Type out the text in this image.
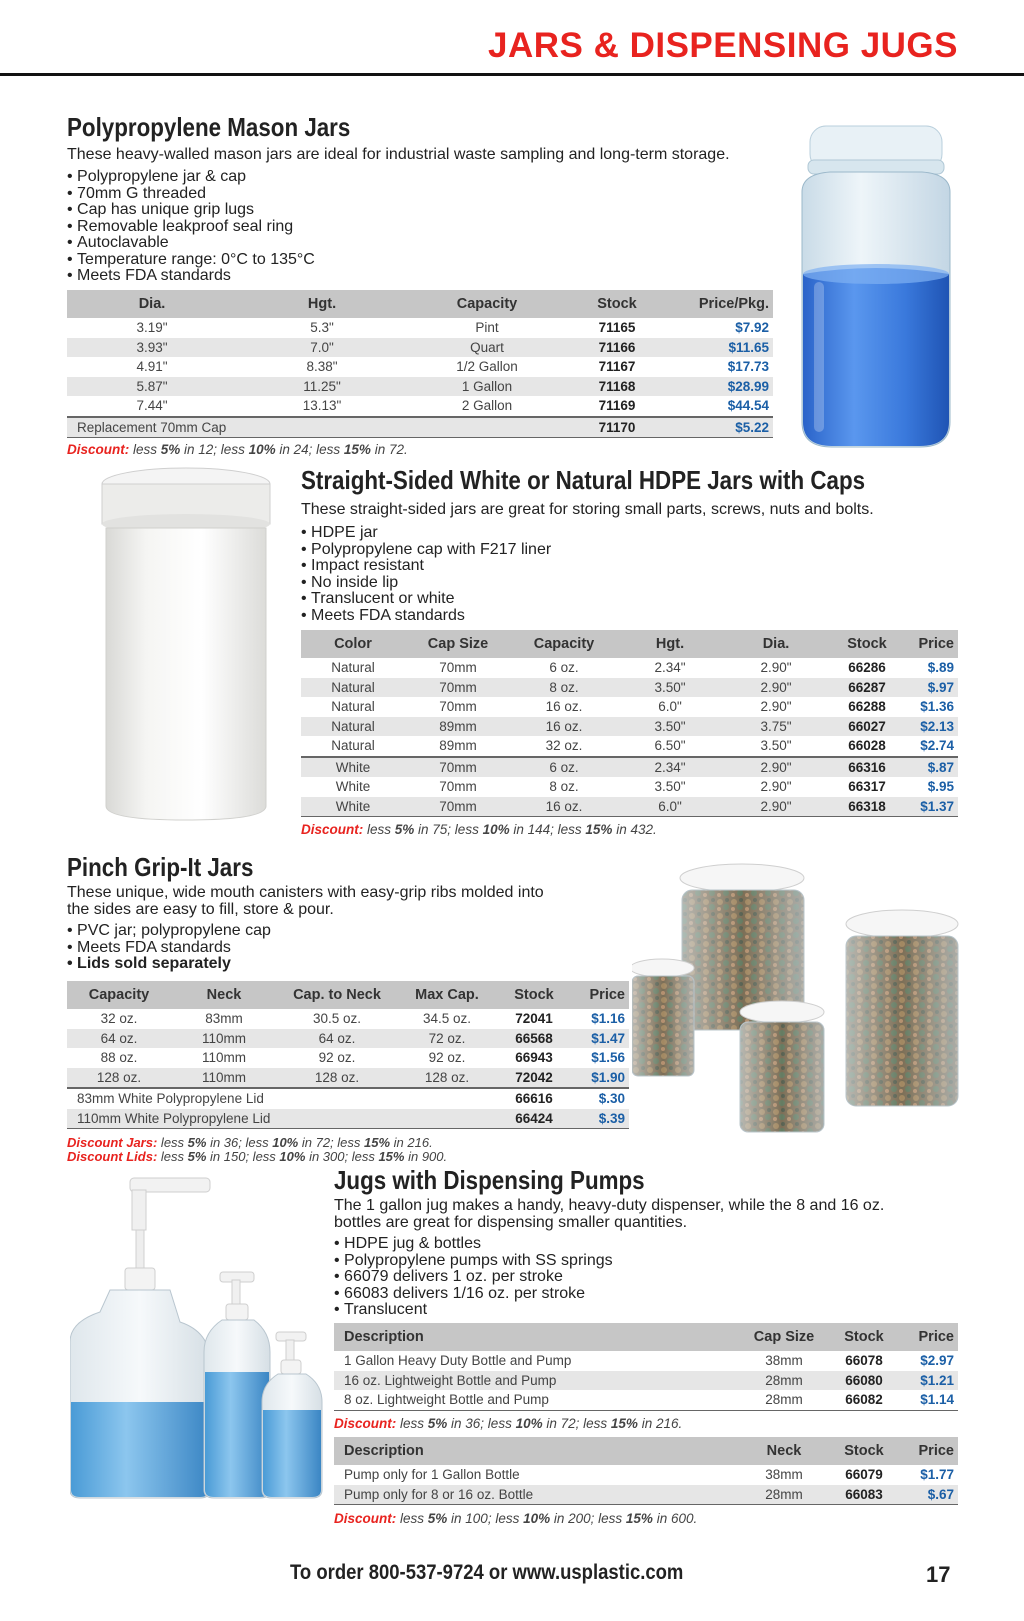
JARS & DISPENSING JUGS
Polypropylene Mason Jars
These heavy-walled mason jars are ideal for industrial waste sampling and long-term storage.
• Polypropylene jar & cap
• 70mm G threaded
• Cap has unique grip lugs
• Removable leakproof seal ring
• Autoclavable
• Temperature range: 0°C to 135°C
• Meets FDA standards
Dia.	Hgt.	Capacity	Stock	Price/Pkg.
3.19"	5.3"	Pint	71165	$7.92
3.93"	7.0"	Quart	71166	$11.65
4.91"	8.38"	1/2 Gallon	71167	$17.73
5.87"	11.25"	1 Gallon	71168	$28.99
7.44"	13.13"	2 Gallon	71169	$44.54
Replacement 70mm Cap			71170	$5.22
Discount: less 5% in 12; less 10% in 24; less 15% in 72.
Straight-Sided White or Natural HDPE Jars with Caps
These straight-sided jars are great for storing small parts, screws, nuts and bolts.
• HDPE jar
• Polypropylene cap with F217 liner
• Impact resistant
• No inside lip
• Translucent or white
• Meets FDA standards
Color	Cap Size	Capacity	Hgt.	Dia.	Stock	Price
Natural	70mm	6 oz.	2.34"	2.90"	66286	$.89
Natural	70mm	8 oz.	3.50"	2.90"	66287	$.97
Natural	70mm	16 oz.	6.0"	2.90"	66288	$1.36
Natural	89mm	16 oz.	3.50"	3.75"	66027	$2.13
Natural	89mm	32 oz.	6.50"	3.50"	66028	$2.74
White	70mm	6 oz.	2.34"	2.90"	66316	$.87
White	70mm	8 oz.	3.50"	2.90"	66317	$.95
White	70mm	16 oz.	6.0"	2.90"	66318	$1.37
Discount: less 5% in 75; less 10% in 144; less 15% in 432.
Pinch Grip-It Jars
These unique, wide mouth canisters with easy-grip ribs molded into the sides are easy to fill, store & pour.
• PVC jar; polypropylene cap
• Meets FDA standards
• Lids sold separately
Capacity	Neck	Cap. to Neck	Max Cap.	Stock	Price
32 oz.	83mm	30.5 oz.	34.5 oz.	72041	$1.16
64 oz.	110mm	64 oz.	72 oz.	66568	$1.47
88 oz.	110mm	92 oz.	92 oz.	66943	$1.56
128 oz.	110mm	128 oz.	128 oz.	72042	$1.90
83mm White Polypropylene Lid				66616	$.30
110mm White Polypropylene Lid				66424	$.39
Discount Jars: less 5% in 36; less 10% in 72; less 15% in 216.
Discount Lids: less 5% in 150; less 10% in 300; less 15% in 900.
Jugs with Dispensing Pumps
The 1 gallon jug makes a handy, heavy-duty dispenser, while the 8 and 16 oz. bottles are great for dispensing smaller quantities.
• HDPE jug & bottles
• Polypropylene pumps with SS springs
• 66079 delivers 1 oz. per stroke
• 66083 delivers 1/16 oz. per stroke
• Translucent
Description	Cap Size	Stock	Price
1 Gallon Heavy Duty Bottle and Pump	38mm	66078	$2.97
16 oz. Lightweight Bottle and Pump	28mm	66080	$1.21
8 oz. Lightweight Bottle and Pump	28mm	66082	$1.14
Discount: less 5% in 36; less 10% in 72; less 15% in 216.
Description	Neck	Stock	Price
Pump only for 1 Gallon Bottle	38mm	66079	$1.77
Pump only for 8 or 16 oz. Bottle	28mm	66083	$.67
Discount: less 5% in 100; less 10% in 200; less 15% in 600.
To order 800-537-9724 or www.usplastic.com	17
